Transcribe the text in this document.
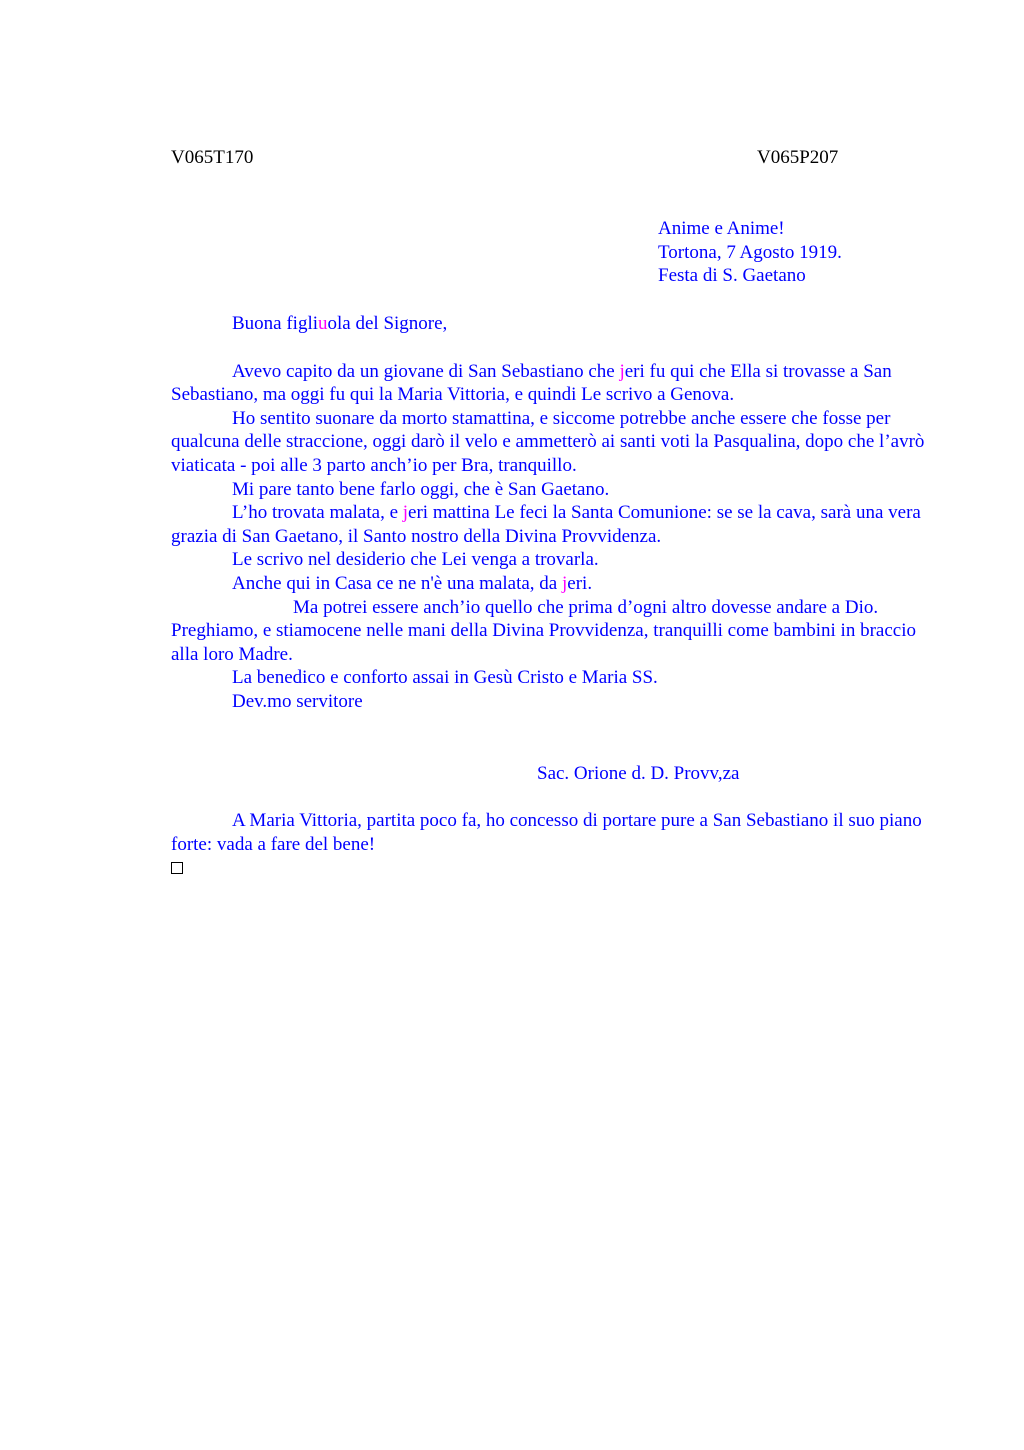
V065T170	V065P207
Anime e Anime!
Tortona, 7 Agosto 1919.
Festa di S. Gaetano

Buona figliuola del Signore,

Avevo capito da un giovane di San Sebastiano che jeri fu qui che Ella si trovasse a San Sebastiano, ma oggi fu qui la Maria Vittoria, e quindi Le scrivo a Genova.

Ho sentito suonare da morto stamattina, e siccome potrebbe anche essere che fosse per qualcuna delle straccione, oggi darò il velo e ammetterò ai santi voti la Pasqualina, dopo che l’avrò viaticata - poi alle 3 parto anch’io per Bra, tranquillo.

Mi pare tanto bene farlo oggi, che è San Gaetano.

L’ho trovata malata, e jeri mattina Le feci la Santa Comunione: se se la cava, sarà una vera grazia di San Gaetano, il Santo nostro della Divina Provvidenza.

Le scrivo nel desiderio che Lei venga a trovarla.

Anche qui in Casa ce ne n'è una malata, da jeri.

Ma potrei essere anch’io quello che prima d’ogni altro dovesse andare a Dio. Preghiamo, e stiamocene nelle mani della Divina Provvidenza, tranquilli come bambini in braccio alla loro Madre.

La benedico e conforto assai in Gesù Cristo e Maria SS.

Dev.mo servitore

Sac. Orione d. D. Provv,za

A Maria Vittoria, partita poco fa, ho concesso di portare pure a San Sebastiano il suo piano forte: vada a fare del bene!
